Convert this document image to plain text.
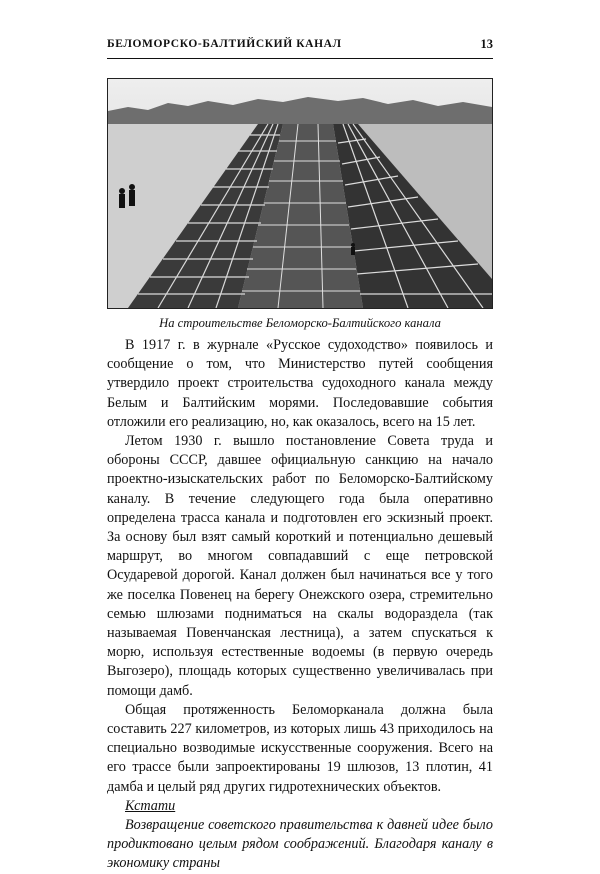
БЕЛОМОРСКО-БАЛТИЙСКИЙ КАНАЛ	13
На строительстве Беломорско-Балтийского канала

В 1917 г. в журнале «Русское судоходство» появилось и сообщение о том, что Министерство путей сообщения утвердило проект строительства судоходного канала между Белым и Балтийским морями. Последовавшие события отложили его реализацию, но, как оказалось, всего на 15 лет.

Летом 1930 г. вышло постановление Совета труда и обороны СССР, давшее официальную санкцию на начало проектно-изыскательских работ по Беломорско-Балтийскому каналу. В течение следующего года была оперативно определена трасса канала и подготовлен его эскизный проект. За основу был взят самый короткий и потенциально дешевый маршрут, во многом совпадавший с еще петровской Осударевой дорогой. Канал должен был начинаться все у того же поселка Повенец на берегу Онежского озера, стремительно семью шлюзами подниматься на скалы водораздела (так называемая Повенчанская лестница), а затем спускаться к морю, используя естественные водоемы (в первую очередь Выгозеро), площадь которых существенно увеличивалась при помощи дамб.

Общая протяженность Беломорканала должна была составить 227 километров, из которых лишь 43 приходилось на специально возводимые искусственные сооружения. Всего на его трассе были запроектированы 19 шлюзов, 13 плотин, 41 дамба и целый ряд других гидротехнических объектов.

Кстати

Возвращение советского правительства к давней идее было продиктовано целым рядом соображений. Благодаря каналу в экономику страны
